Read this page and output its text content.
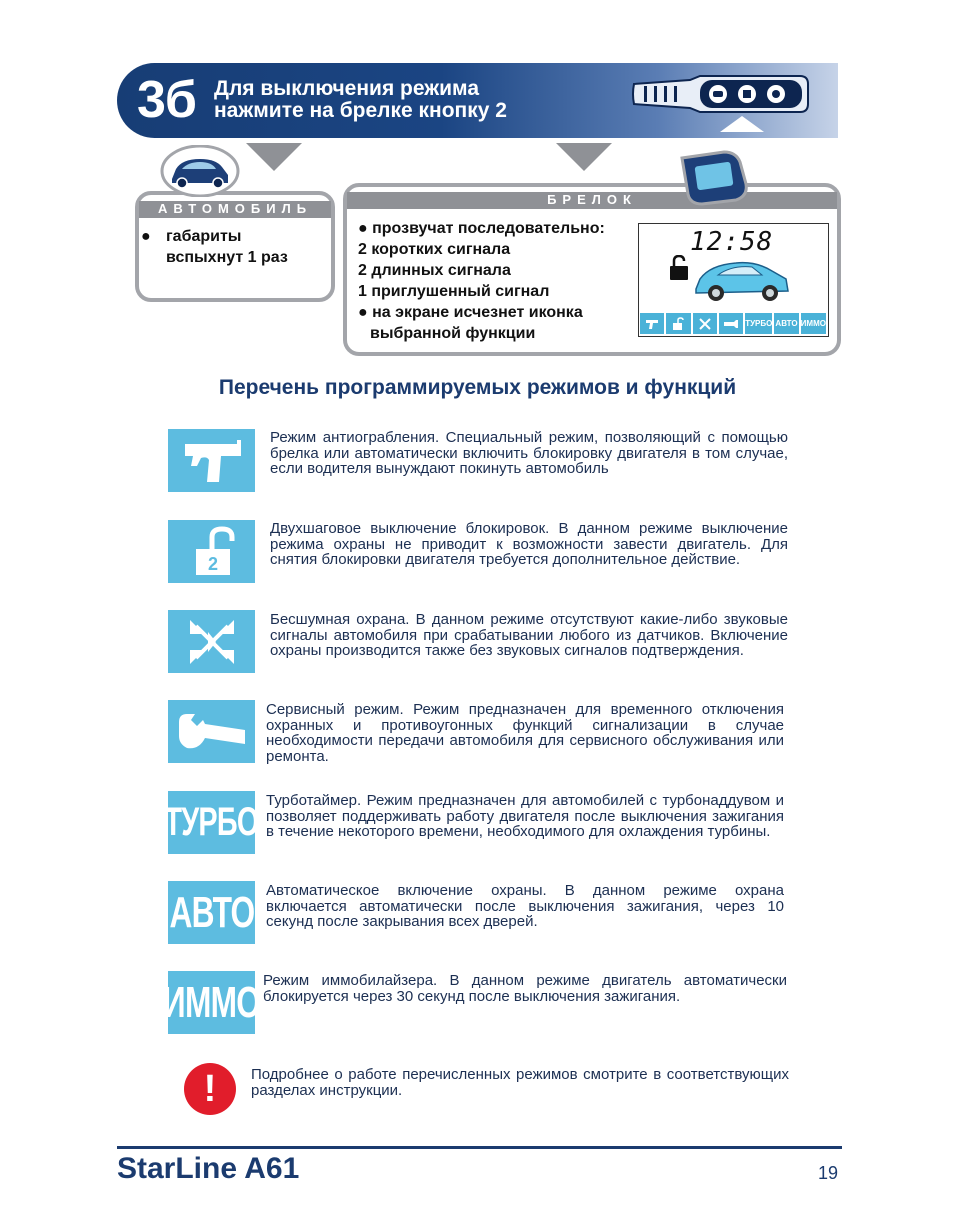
3б Для выключения режима
нажмите на брелке кнопку 2
АВТОМОБИЛЬ
● габариты
вспыхнут 1 раз
БРЕЛОК
● прозвучат последовательно:
2 коротких сигнала
2 длинных сигнала
1 приглушенный сигнал
● на экране исчезнет иконка
выбранной функции
12:58
ТУРБО АВТО ИММО
Перечень программируемых режимов и функций
Режим антиограбления. Специальный режим, позволяющий с помощью брелка или автоматически включить блокировку двигателя в том случае, если водителя вынуждают покинуть автомобиль
2
Двухшаговое выключение блокировок. В данном режиме выключение режима охраны не приводит к возможности завести двигатель. Для снятия блокировки двигателя требуется дополнительное действие.
Бесшумная охрана. В данном режиме отсутствуют какие-либо звуковые сигналы автомобиля при срабатывании любого из датчиков. Включение охраны производится также без звуковых сигналов подтверждения.
Сервисный режим. Режим предназначен для временного отключения охранных и противоугонных функций сигнализации в случае необходимости передачи автомобиля для сервисного обслуживания или ремонта.
ТУРБО Турботаймер. Режим предназначен для автомобилей с турбонаддувом и позволяет поддерживать работу двигателя после выключения зажигания в течение некоторого времени, необходимого для охлаждения турбины.
АВТО Автоматическое включение охраны. В данном режиме охрана включается автоматически после выключения зажигания, через 10 секунд после закрывания всех дверей.
ИММО Режим иммобилайзера. В данном режиме двигатель автоматически блокируется через 30 секунд после выключения зажигания.
!	Подробнее о работе перечисленных режимов смотрите в соответствующих разделах инструкции.
StarLine A61	19
